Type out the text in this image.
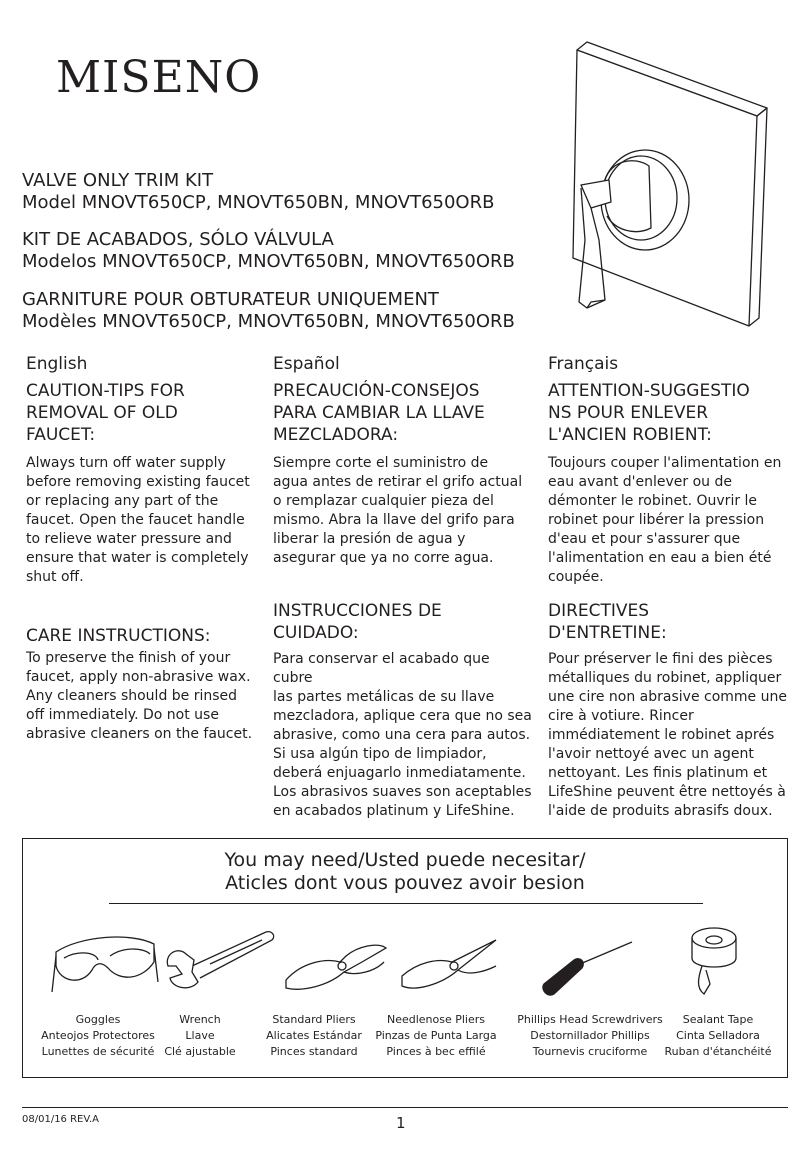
MISENO
VALVE ONLY TRIM KIT
Model MNOVT650CP, MNOVT650BN, MNOVT650ORB
KIT DE ACABADOS, SÓLO VÁLVULA
Modelos MNOVT650CP, MNOVT650BN, MNOVT650ORB
GARNITURE POUR OBTURATEUR UNIQUEMENT
Modèles MNOVT650CP, MNOVT650BN, MNOVT650ORB
English
CAUTION-TIPS FOR
REMOVAL OF OLD
FAUCET:
Always turn off water supply
before removing existing faucet
or replacing any part of the
faucet. Open the faucet handle
to relieve water pressure and
ensure that water is completely
shut off.
CARE INSTRUCTIONS:
To preserve the finish of your
faucet, apply non-abrasive wax.
Any cleaners should be rinsed
off immediately. Do not use
abrasive cleaners on the faucet.
Español
PRECAUCIÓN-CONSEJOS
PARA CAMBIAR LA LLAVE
MEZCLADORA:
Siempre corte el suministro de
agua antes de retirar el grifo actual
o remplazar cualquier pieza del
mismo. Abra la llave del grifo para
liberar la presión de agua y
asegurar que ya no corre agua.
INSTRUCCIONES DE
CUIDADO:
Para conservar el acabado que cubre
las partes metálicas de su llave
mezcladora, aplique cera que no sea
abrasive, como una cera para autos.
Si usa algún tipo de limpiador,
deberá enjuagarlo inmediatamente.
Los abrasivos suaves son aceptables
en acabados platinum y LifeShine.
Français
ATTENTION-SUGGESTIO
NS POUR ENLEVER
L'ANCIEN ROBIENT:
Toujours couper l'alimentation en
eau avant d'enlever ou de
démonter le robinet. Ouvrir le
robinet pour libérer la pression
d'eau et pour s'assurer que
l'alimentation en eau a bien été
coupée.
DIRECTIVES
D'ENTRETINE:
Pour préserver le fini des pièces
métalliques du robinet, appliquer
une cire non abrasive comme une
cire à votiure. Rincer
immédiatement le robinet aprés
l'avoir nettoyé avec un agent
nettoyant. Les finis platinum et
LifeShine peuvent être nettoyés à
l'aide de produits abrasifs doux.
You may need/Usted puede necesitar/
Aticles dont vous pouvez avoir besion
Goggles
Anteojos Protectores
Lunettes de sécurité
Wrench
Llave
Clé ajustable
Standard Pliers
Alicates Estándar
Pinces standard
Needlenose Pliers
Pinzas de Punta Larga
Pinces à bec effilé
Phillips Head Screwdrivers
Destornillador Phillips
Tournevis cruciforme
Sealant Tape
Cinta Selladora
Ruban d'étanchéité
08/01/16 REV.A	1
